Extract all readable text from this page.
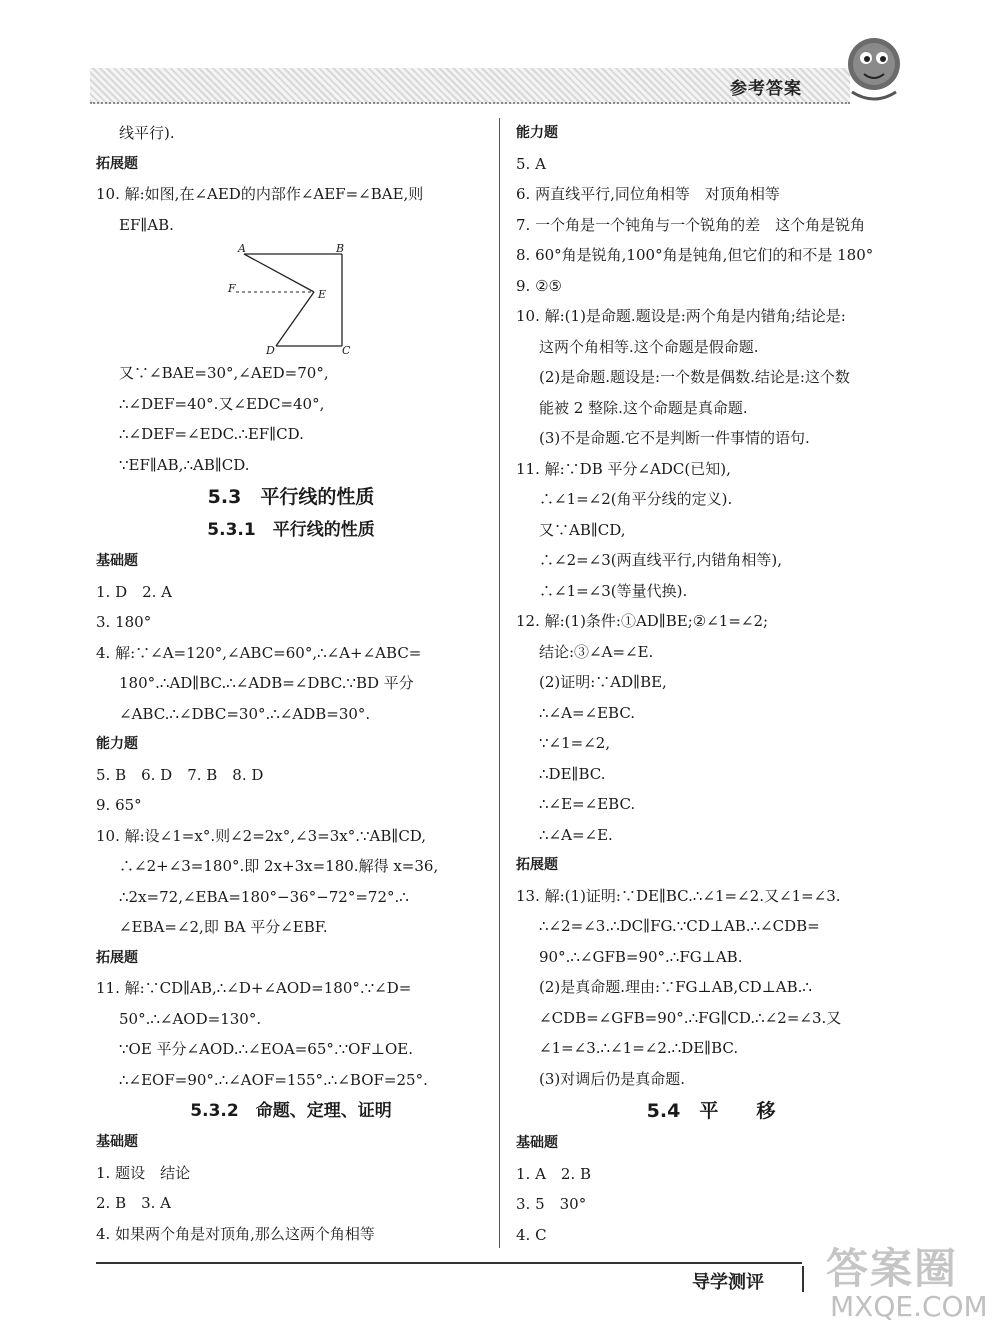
参考答案
线平行).
拓展题
10. 解:如图,在∠AED的内部作∠AEF=∠BAE,则
EF∥AB.
A	B
F	E
D	C
又∵∠BAE=30°,∠AED=70°,
∴∠DEF=40°.又∠EDC=40°,
∴∠DEF=∠EDC.∴EF∥CD.
∵EF∥AB,∴AB∥CD.
5.3　平行线的性质
5.3.1　平行线的性质
基础题
1. D　2. A
3. 180°
4. 解:∵∠A=120°,∠ABC=60°,∴∠A+∠ABC=
180°.∴AD∥BC.∴∠ADB=∠DBC.∵BD 平分
∠ABC.∴∠DBC=30°.∴∠ADB=30°.
能力题
5. B　6. D　7. B　8. D
9. 65°
10. 解:设∠1=x°.则∠2=2x°,∠3=3x°.∵AB∥CD,
∴∠2+∠3=180°.即 2x+3x=180.解得 x=36,
∴2x=72,∠EBA=180°−36°−72°=72°.∴
∠EBA=∠2,即 BA 平分∠EBF.
拓展题
11. 解:∵CD∥AB,∴∠D+∠AOD=180°.∵∠D=
50°.∴∠AOD=130°.
∵OE 平分∠AOD.∴∠EOA=65°.∵OF⊥OE.
∴∠EOF=90°.∴∠AOF=155°.∴∠BOF=25°.
5.3.2　命题、定理、证明
基础题
1. 题设　结论
2. B　3. A
4. 如果两个角是对顶角,那么这两个角相等
能力题
5. A
6. 两直线平行,同位角相等　对顶角相等
7. 一个角是一个钝角与一个锐角的差　这个角是锐角
8. 60°角是锐角,100°角是钝角,但它们的和不是 180°
9. ②⑤
10. 解:(1)是命题.题设是:两个角是内错角;结论是:
这两个角相等.这个命题是假命题.
(2)是命题.题设是:一个数是偶数.结论是:这个数
能被 2 整除.这个命题是真命题.
(3)不是命题.它不是判断一件事情的语句.
11. 解:∵DB 平分∠ADC(已知),
∴∠1=∠2(角平分线的定义).
又∵AB∥CD,
∴∠2=∠3(两直线平行,内错角相等),
∴∠1=∠3(等量代换).
12. 解:(1)条件:①AD∥BE;②∠1=∠2;
结论:③∠A=∠E.
(2)证明:∵AD∥BE,
∴∠A=∠EBC.
∵∠1=∠2,
∴DE∥BC.
∴∠E=∠EBC.
∴∠A=∠E.
拓展题
13. 解:(1)证明:∵DE∥BC.∴∠1=∠2.又∠1=∠3.
∴∠2=∠3.∴DC∥FG.∵CD⊥AB.∴∠CDB=
90°.∴∠GFB=90°.∴FG⊥AB.
(2)是真命题.理由:∵FG⊥AB,CD⊥AB.∴
∠CDB=∠GFB=90°.∴FG∥CD.∴∠2=∠3.又
∠1=∠3.∴∠1=∠2.∴DE∥BC.
(3)对调后仍是真命题.
5.4　平　　移
基础题
1. A　2. B
3. 5　30°
4. C
导学测评 答案圈
MXQE.COM
